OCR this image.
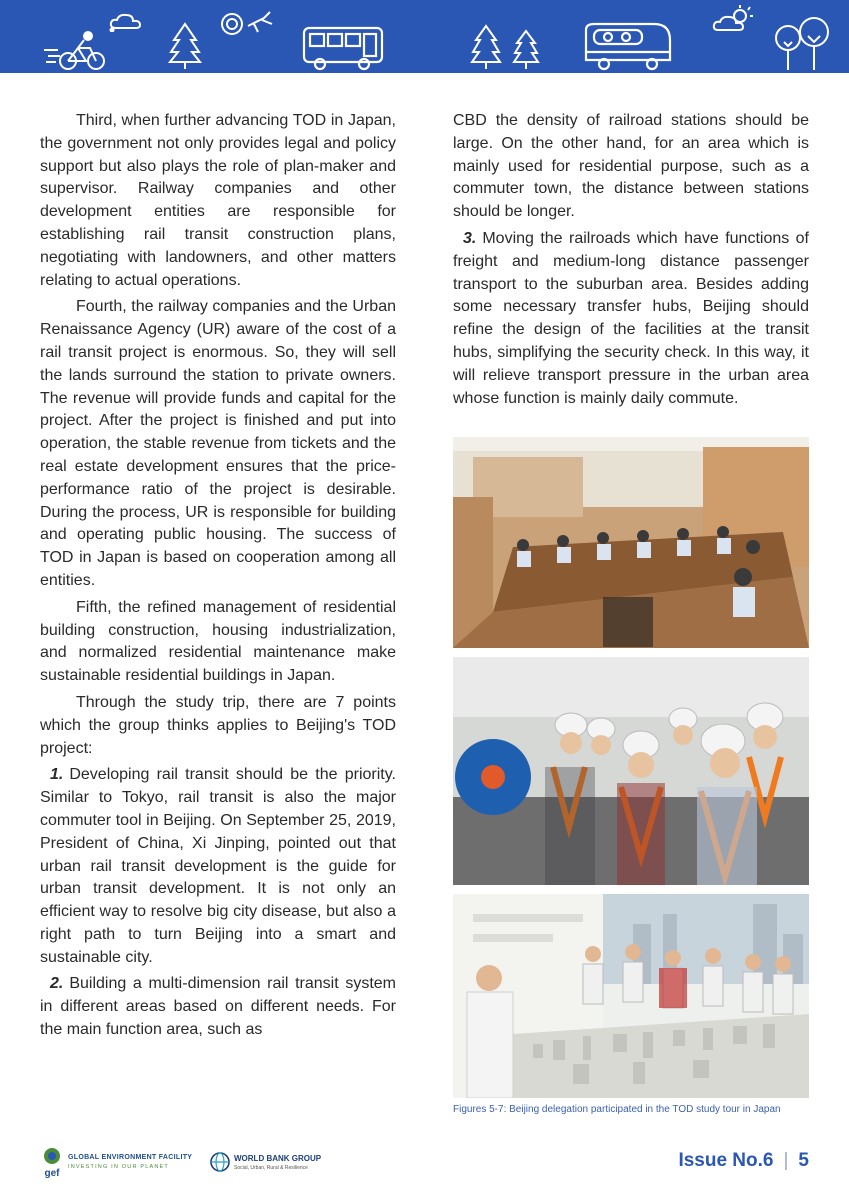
Third, when further advancing TOD in Japan, the government not only provides legal and policy support but also plays the role of plan-maker and supervisor. Railway companies and other development entities are responsible for establishing rail transit construction plans, negotiating with landowners, and other matters relating to actual operations.

Fourth, the railway companies and the Urban Renaissance Agency (UR) aware of the cost of a rail transit project is enormous. So, they will sell the lands surround the station to private owners. The revenue will provide funds and capital for the project. After the project is finished and put into operation, the stable revenue from tickets and the real estate development ensures that the price-performance ratio of the project is desirable. During the process, UR is responsible for building and operating public housing. The success of TOD in Japan is based on cooperation among all entities.

Fifth, the refined management of residential building construction, housing industrialization, and normalized residential maintenance make sustainable residential buildings in Japan.

Through the study trip, there are 7 points which the group thinks applies to Beijing's TOD project:

1. Developing rail transit should be the priority. Similar to Tokyo, rail transit is also the major commuter tool in Beijing. On September 25, 2019, President of China, Xi Jinping, pointed out that urban rail transit development is the guide for urban transit development. It is not only an efficient way to resolve big city disease, but also a right path to turn Beijing into a smart and sustainable city.

2. Building a multi-dimension rail transit system in different areas based on different needs. For the main function area, such as

CBD the density of railroad stations should be large. On the other hand, for an area which is mainly used for residential purpose, such as a commuter town, the distance between stations should be longer.

3. Moving the railroads which have functions of freight and medium-long distance passenger transport to the suburban area. Besides adding some necessary transfer hubs, Beijing should refine the design of the facilities at the transit hubs, simplifying the security check. In this way, it will relieve transport pressure in the urban area whose function is mainly daily commute.

Figures 5-7: Beijing delegation participated in the TOD study tour in Japan
gef
GLOBAL ENVIRONMENT FACILITY
INVESTING IN OUR PLANET
WORLD BANK GROUP
Social, Urban, Rural & Resilience	Issue No.6 | 5
